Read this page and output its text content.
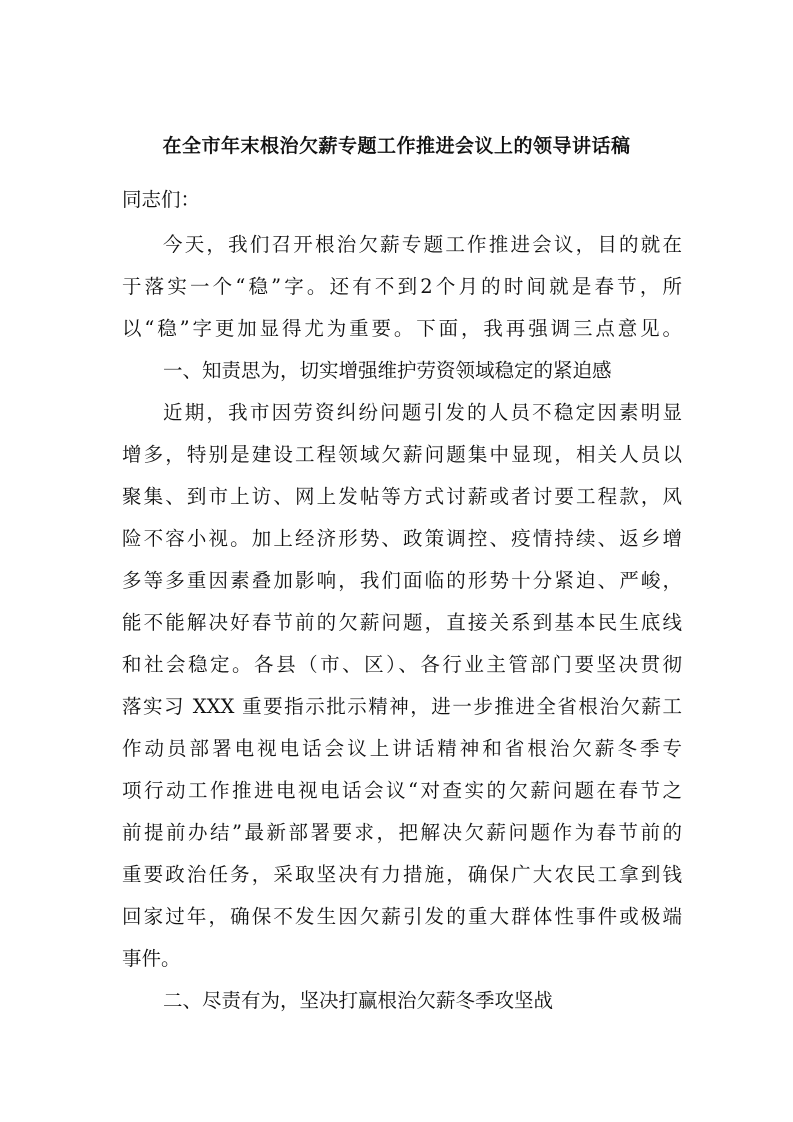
在全市年末根治欠薪专题工作推进会议上的领导讲话稿
同志们：
今天，我们召开根治欠薪专题工作推进会议，目的就在
于落实一个“稳”字。还有不到2个月的时间就是春节，所
以“稳”字更加显得尤为重要。下面，我再强调三点意见。
一、知责思为，切实增强维护劳资领域稳定的紧迫感
近期，我市因劳资纠纷问题引发的人员不稳定因素明显
增多，特别是建设工程领域欠薪问题集中显现，相关人员以
聚集、到市上访、网上发帖等方式讨薪或者讨要工程款，风
险不容小视。加上经济形势、政策调控、疫情持续、返乡增
多等多重因素叠加影响，我们面临的形势十分紧迫、严峻，
能不能解决好春节前的欠薪问题，直接关系到基本民生底线
和社会稳定。各县（市、区）、各行业主管部门要坚决贯彻
落实习 XXX 重要指示批示精神，进一步推进全省根治欠薪工
作动员部署电视电话会议上讲话精神和省根治欠薪冬季专
项行动工作推进电视电话会议“对查实的欠薪问题在春节之
前提前办结”最新部署要求，把解决欠薪问题作为春节前的
重要政治任务，采取坚决有力措施，确保广大农民工拿到钱
回家过年，确保不发生因欠薪引发的重大群体性事件或极端
事件。
二、尽责有为，坚决打赢根治欠薪冬季攻坚战
